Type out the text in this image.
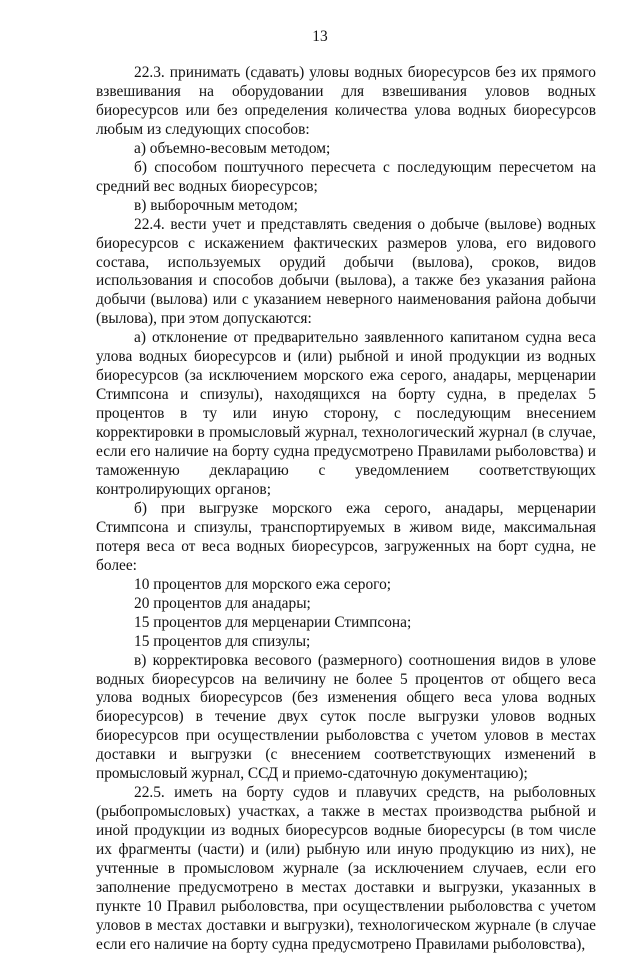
13

22.3. принимать (сдавать) уловы водных биоресурсов без их прямого взвешивания на оборудовании для взвешивания уловов водных биоресурсов или без определения количества улова водных биоресурсов любым из следующих способов:

а) объемно-весовым методом;

б) способом поштучного пересчета с последующим пересчетом на средний вес водных биоресурсов;

в) выборочным методом;

22.4. вести учет и представлять сведения о добыче (вылове) водных биоресурсов с искажением фактических размеров улова, его видового состава, используемых орудий добычи (вылова), сроков, видов использования и способов добычи (вылова), а также без указания района добычи (вылова) или с указанием неверного наименования района добычи (вылова), при этом допускаются:

а) отклонение от предварительно заявленного капитаном судна веса улова водных биоресурсов и (или) рыбной и иной продукции из водных биоресурсов (за исключением морского ежа серого, анадары, мерценарии Стимпсона и спизулы), находящихся на борту судна, в пределах 5 процентов в ту или иную сторону, с последующим внесением корректировки в промысловый журнал, технологический журнал (в случае, если его наличие на борту судна предусмотрено Правилами рыболовства) и таможенную декларацию с уведомлением соответствующих контролирующих органов;

б) при выгрузке морского ежа серого, анадары, мерценарии Стимпсона и спизулы, транспортируемых в живом виде, максимальная потеря веса от веса водных биоресурсов, загруженных на борт судна, не более:

10 процентов для морского ежа серого;

20 процентов для анадары;

15 процентов для мерценарии Стимпсона;

15 процентов для спизулы;

в) корректировка весового (размерного) соотношения видов в улове водных биоресурсов на величину не более 5 процентов от общего веса улова водных биоресурсов (без изменения общего веса улова водных биоресурсов) в течение двух суток после выгрузки уловов водных биоресурсов при осуществлении рыболовства с учетом уловов в местах доставки и выгрузки (с внесением соответствующих изменений в промысловый журнал, ССД и приемо-сдаточную документацию);

22.5. иметь на борту судов и плавучих средств, на рыболовных (рыбопромысловых) участках, а также в местах производства рыбной и иной продукции из водных биоресурсов водные биоресурсы (в том числе их фрагменты (части) и (или) рыбную или иную продукцию из них), не учтенные в промысловом журнале (за исключением случаев, если его заполнение предусмотрено в местах доставки и выгрузки, указанных в пункте 10 Правил рыболовства, при осуществлении рыболовства с учетом уловов в местах доставки и выгрузки), технологическом журнале (в случае если его наличие на борту судна предусмотрено Правилами рыболовства),
